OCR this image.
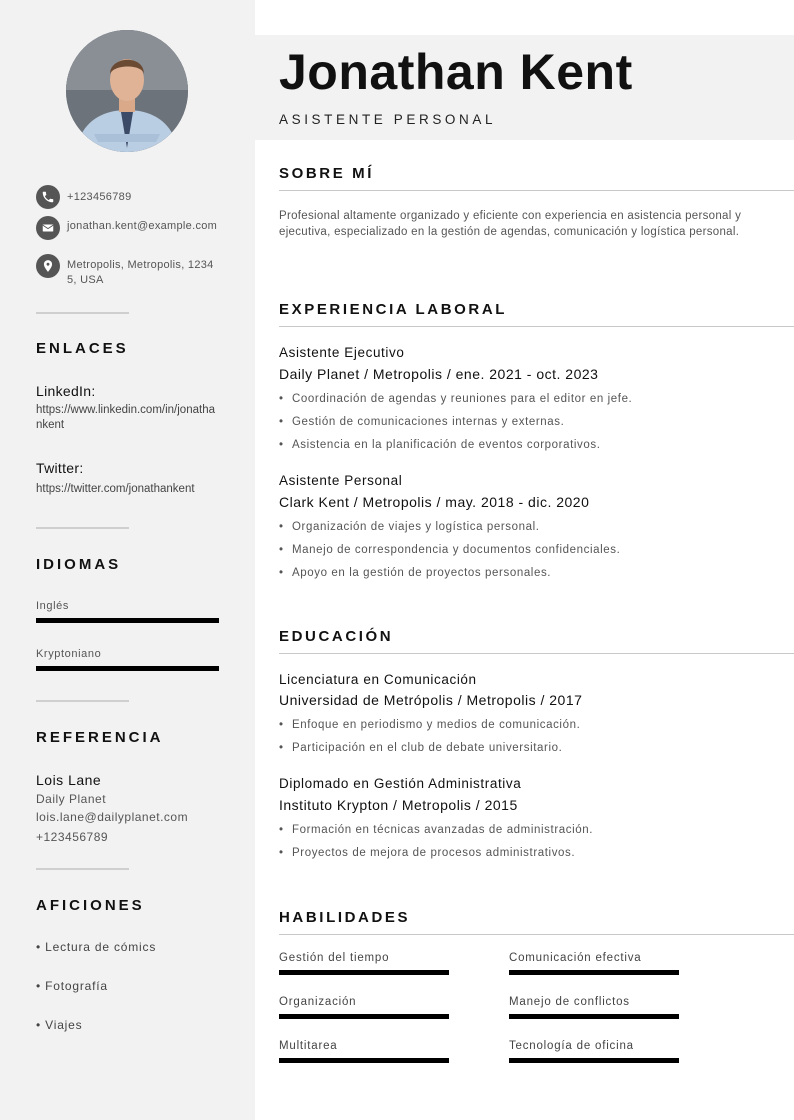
+123456789
jonathan.kent@example.com
Metropolis, Metropolis, 12345, USA
ENLACES
LinkedIn:
https://www.linkedin.com/in/jonathankent
Twitter:
https://twitter.com/jonathankent
IDIOMAS
Inglés
Kryptoniano
REFERENCIA
Lois Lane
Daily Planet
lois.lane@dailyplanet.com
+123456789
AFICIONES
• Lectura de cómics
• Fotografía
• Viajes
Jonathan Kent
ASISTENTE PERSONAL
SOBRE MÍ
Profesional altamente organizado y eficiente con experiencia en asistencia personal y ejecutiva, especializado en la gestión de agendas, comunicación y logística personal.
EXPERIENCIA LABORAL
Asistente Ejecutivo
Daily Planet / Metropolis / ene. 2021 - oct. 2023
• Coordinación de agendas y reuniones para el editor en jefe.
• Gestión de comunicaciones internas y externas.
• Asistencia en la planificación de eventos corporativos.
Asistente Personal
Clark Kent / Metropolis / may. 2018 - dic. 2020
• Organización de viajes y logística personal.
• Manejo de correspondencia y documentos confidenciales.
• Apoyo en la gestión de proyectos personales.
EDUCACIÓN
Licenciatura en Comunicación
Universidad de Metrópolis / Metropolis / 2017
• Enfoque en periodismo y medios de comunicación.
• Participación en el club de debate universitario.
Diplomado en Gestión Administrativa
Instituto Krypton / Metropolis / 2015
• Formación en técnicas avanzadas de administración.
• Proyectos de mejora de procesos administrativos.
HABILIDADES
Gestión del tiempo	Comunicación efectiva
Organización	Manejo de conflictos
Multitarea	Tecnología de oficina
